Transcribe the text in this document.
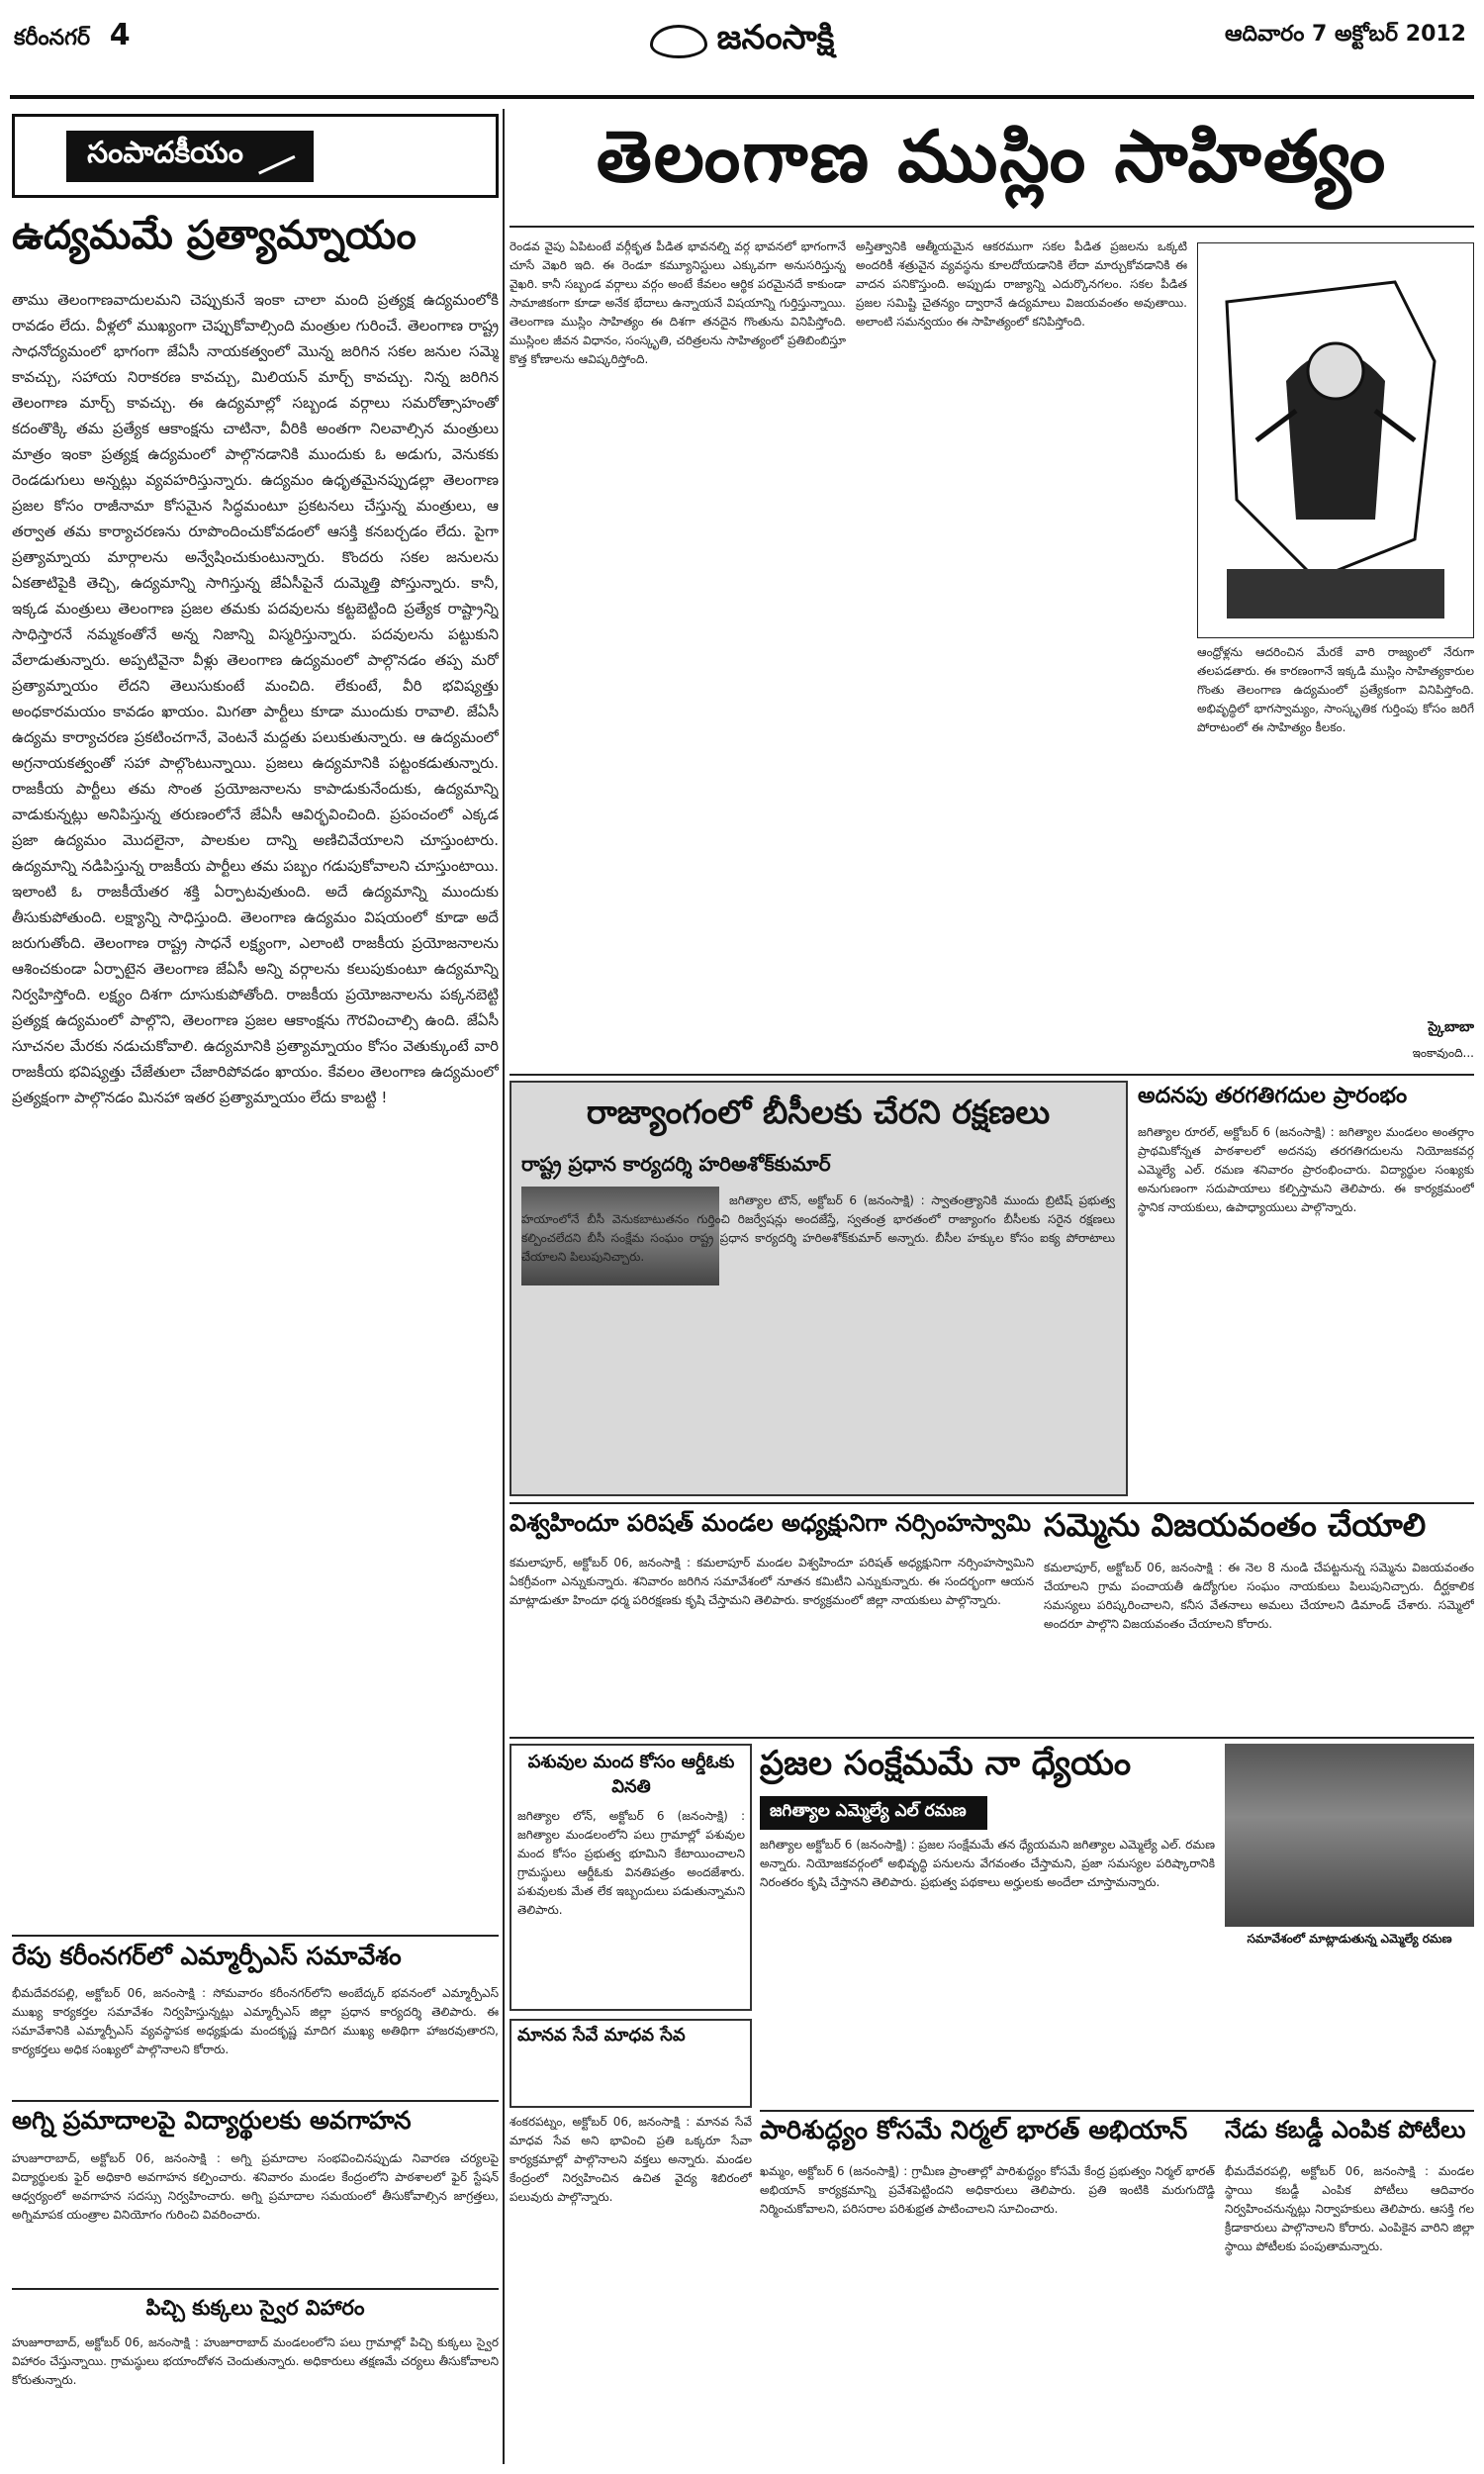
కరీంనగర్ 4	జనంసాక్షి	ఆదివారం 7 అక్టోబర్ 2012
సంపాదకీయం
ఉద్యమమే ప్రత్యామ్నాయం
తాము తెలంగాణవాదులమని చెప్పుకునే ఇంకా చాలా మంది ప్రత్యక్ష ఉద్యమంలోకి రావడం లేదు. వీళ్లలో ముఖ్యంగా చెప్పుకోవాల్సింది మంత్రుల గురించే. తెలంగాణ రాష్ట్ర సాధనోద్యమంలో భాగంగా జేఏసీ నాయకత్వంలో మొన్న జరిగిన సకల జనుల సమ్మె కావచ్చు, సహాయ నిరాకరణ కావచ్చు, మిలియన్ మార్చ్ కావచ్చు. నిన్న జరిగిన తెలంగాణ మార్చ్ కావచ్చు. ఈ ఉద్యమాల్లో సబ్బండ వర్గాలు సమరోత్సాహంతో కదంతొక్కి తమ ప్రత్యేక ఆకాంక్షను చాటినా, వీరికి అంతగా నిలవాల్సిన మంత్రులు మాత్రం ఇంకా ప్రత్యక్ష ఉద్యమంలో పాల్గొనడానికి ముందుకు ఓ అడుగు, వెనుకకు రెండడుగులు అన్నట్లు వ్యవహరిస్తున్నారు. ఉద్యమం ఉధృతమైనప్పుడల్లా తెలంగాణ ప్రజల కోసం రాజీనామా కోసమైన సిద్ధమంటూ ప్రకటనలు చేస్తున్న మంత్రులు, ఆ తర్వాత తమ కార్యాచరణను రూపొందించుకోవడంలో ఆసక్తి కనబర్చడం లేదు. పైగా ప్రత్యామ్నాయ మార్గాలను అన్వేషించుకుంటున్నారు. కొందరు సకల జనులను ఏకతాటిపైకి తెచ్చి, ఉద్యమాన్ని సాగిస్తున్న జేఏసీపైనే దుమ్మెత్తి పోస్తున్నారు. కానీ, ఇక్కడ మంత్రులు తెలంగాణ ప్రజల తమకు పదవులను కట్టబెట్టింది ప్రత్యేక రాష్ట్రాన్ని సాధిస్తారనే నమ్మకంతోనే అన్న నిజాన్ని విస్మరిస్తున్నారు. పదవులను పట్టుకుని వేలాడుతున్నారు. అప్పటివైనా వీళ్లు తెలంగాణ ఉద్యమంలో పాల్గొనడం తప్ప మరో ప్రత్యామ్నాయం లేదని తెలుసుకుంటే మంచిది. లేకుంటే, వీరి భవిష్యత్తు అంధకారమయం కావడం ఖాయం. మిగతా పార్టీలు కూడా ముందుకు రావాలి. జేఏసీ ఉద్యమ కార్యాచరణ ప్రకటించగానే, వెంటనే మద్దతు పలుకుతున్నారు. ఆ ఉద్యమంలో అగ్రనాయకత్వంతో సహా పాల్గొంటున్నాయి. ప్రజలు ఉద్యమానికి పట్టంకడుతున్నారు. రాజకీయ పార్టీలు తమ సొంత ప్రయోజనాలను కాపాడుకునేందుకు, ఉద్యమాన్ని వాడుకున్నట్లు అనిపిస్తున్న తరుణంలోనే జేఏసీ ఆవిర్భవించింది. ప్రపంచంలో ఎక్కడ ప్రజా ఉద్యమం మొదలైనా, పాలకుల దాన్ని అణిచివేయాలని చూస్తుంటారు. ఉద్యమాన్ని నడిపిస్తున్న రాజకీయ పార్టీలు తమ పబ్బం గడుపుకోవాలని చూస్తుంటాయి. ఇలాంటి ఓ రాజకీయేతర శక్తి ఏర్పాటవుతుంది. అదే ఉద్యమాన్ని ముందుకు తీసుకుపోతుంది. లక్ష్యాన్ని సాధిస్తుంది. తెలంగాణ ఉద్యమం విషయంలో కూడా అదే జరుగుతోంది. తెలంగాణ రాష్ట్ర సాధనే లక్ష్యంగా, ఎలాంటి రాజకీయ ప్రయోజనాలను ఆశించకుండా ఏర్పాటైన తెలంగాణ జేఏసీ అన్ని వర్గాలను కలుపుకుంటూ ఉద్యమాన్ని నిర్వహిస్తోంది. లక్ష్యం దిశగా దూసుకుపోతోంది. రాజకీయ ప్రయోజనాలను పక్కనబెట్టి ప్రత్యక్ష ఉద్యమంలో పాల్గొని, తెలంగాణ ప్రజల ఆకాంక్షను గౌరవించాల్సి ఉంది. జేఏసీ సూచనల మేరకు నడుచుకోవాలి. ఉద్యమానికి ప్రత్యామ్నాయం కోసం వెతుక్కుంటే వారి రాజకీయ భవిష్యత్తు చేజేతులా చేజారిపోవడం ఖాయం. కేవలం తెలంగాణ ఉద్యమంలో ప్రత్యక్షంగా పాల్గొనడం మినహా ఇతర ప్రత్యామ్నాయం లేదు కాబట్టి !
రేపు కరీంనగర్‌లో ఎమ్మార్పీఎస్ సమావేశం
భీమదేవరపల్లి, అక్టోబర్ 06, జనంసాక్షి : సోమవారం కరీంనగర్‌లోని అంబేద్కర్ భవనంలో ఎమ్మార్పీఎస్ ముఖ్య కార్యకర్తల సమావేశం నిర్వహిస్తున్నట్లు ఎమ్మార్పీఎస్ జిల్లా ప్రధాన కార్యదర్శి తెలిపారు. ఈ సమావేశానికి ఎమ్మార్పీఎస్ వ్యవస్థాపక అధ్యక్షుడు మందకృష్ణ మాదిగ ముఖ్య అతిథిగా హాజరవుతారని, కార్యకర్తలు అధిక సంఖ్యలో పాల్గొనాలని కోరారు.
అగ్ని ప్రమాదాలపై విద్యార్థులకు అవగాహన
హుజూరాబాద్, అక్టోబర్ 06, జనంసాక్షి : అగ్ని ప్రమాదాల సంభవించినప్పుడు నివారణ చర్యలపై విద్యార్థులకు ఫైర్ అధికారి అవగాహన కల్పించారు. శనివారం మండల కేంద్రంలోని పాఠశాలలో ఫైర్ స్టేషన్ ఆధ్వర్యంలో అవగాహన సదస్సు నిర్వహించారు. అగ్ని ప్రమాదాల సమయంలో తీసుకోవాల్సిన జాగ్రత్తలు, అగ్నిమాపక యంత్రాల వినియోగం గురించి వివరించారు.
పిచ్చి కుక్కలు స్వైర విహారం
హుజూరాబాద్, అక్టోబర్ 06, జనంసాక్షి : హుజూరాబాద్ మండలంలోని పలు గ్రామాల్లో పిచ్చి కుక్కలు స్వైర విహారం చేస్తున్నాయి. గ్రామస్థులు భయాందోళన చెందుతున్నారు. అధికారులు తక్షణమే చర్యలు తీసుకోవాలని కోరుతున్నారు.
తెలంగాణ ముస్లిం సాహిత్యం
రెండవ వైపు ఏపిటంటే వర్గీకృత పీడిత భావనల్ని వర్గ భావనలో భాగంగానే చూసే వెఖరి ఇది. ఈ రెండూ కమ్యూనిస్టులు ఎక్కువగా అనుసరిస్తున్న వైఖరి. కానీ సబ్బండ వర్గాలు వర్గం అంటే కేవలం ఆర్థిక పరమైనదే కాకుండా సామాజికంగా కూడా అనేక భేదాలు ఉన్నాయనే విషయాన్ని గుర్తిస్తున్నాయి. తెలంగాణ ముస్లిం సాహిత్యం ఈ దిశగా తనదైన గొంతును వినిపిస్తోంది. ముస్లింల జీవన విధానం, సంస్కృతి, చరిత్రలను సాహిత్యంలో ప్రతిబింబిస్తూ కొత్త కోణాలను ఆవిష్కరిస్తోంది.
అస్తిత్వానికి ఆత్మీయమైన ఆకరముగా సకల పీడిత ప్రజలను ఒక్కటి అందరికీ శత్రువైన వ్యవస్థను కూలదోయడానికి లేదా మార్చుకోవడానికి ఈ వాదన పనికొస్తుంది. అప్పుడు రాజ్యాన్ని ఎదుర్కొనగలం. సకల పీడిత ప్రజల సమిష్టి చైతన్యం ద్వారానే ఉద్యమాలు విజయవంతం అవుతాయి. అలాంటి సమన్వయం ఈ సాహిత్యంలో కనిపిస్తోంది.
ఆంధ్రోళ్లను ఆదరించిన మేరకే వారి రాజ్యంలో నేరుగా తలపడతారు. ఈ కారణంగానే ఇక్కడి ముస్లిం సాహిత్యకారుల గొంతు తెలంగాణ ఉద్యమంలో ప్రత్యేకంగా వినిపిస్తోంది. అభివృద్ధిలో భాగస్వామ్యం, సాంస్కృతిక గుర్తింపు కోసం జరిగే పోరాటంలో ఈ సాహిత్యం కీలకం.
స్కైబాబా
ఇంకావుంది...
రాజ్యాంగంలో బీసీలకు చేరని రక్షణలు
రాష్ట్ర ప్రధాన కార్యదర్శి హరిఅశోక్‌కుమార్
జగిత్యాల టౌన్, అక్టోబర్ 6 (జనంసాక్షి) : స్వాతంత్ర్యానికి ముందు బ్రిటిష్ ప్రభుత్వ హయాంలోనే బీసీ వెనుకబాటుతనం గుర్తించి రిజర్వేషన్లు అందజేస్తే, స్వతంత్ర భారతంలో రాజ్యాంగం బీసీలకు సరైన రక్షణలు కల్పించలేదని బీసీ సంక్షేమ సంఘం రాష్ట్ర ప్రధాన కార్యదర్శి హరిఅశోక్‌కుమార్ అన్నారు. బీసీల హక్కుల కోసం ఐక్య పోరాటాలు చేయాలని పిలుపునిచ్చారు.
అదనపు తరగతిగదుల ప్రారంభం
జగిత్యాల రూరల్, అక్టోబర్ 6 (జనంసాక్షి) : జగిత్యాల మండలం అంతర్గాం ప్రాథమికోన్నత పాఠశాలలో అదనపు తరగతిగదులను నియోజకవర్గ ఎమ్మెల్యే ఎల్. రమణ శనివారం ప్రారంభించారు. విద్యార్థుల సంఖ్యకు అనుగుణంగా సదుపాయాలు కల్పిస్తామని తెలిపారు. ఈ కార్యక్రమంలో స్థానిక నాయకులు, ఉపాధ్యాయులు పాల్గొన్నారు.
విశ్వహిందూ పరిషత్ మండల అధ్యక్షునిగా నర్సింహస్వామి
కమలాపూర్, అక్టోబర్ 06, జనంసాక్షి : కమలాపూర్ మండల విశ్వహిందూ పరిషత్ అధ్యక్షునిగా నర్సింహస్వామిని ఏకగ్రీవంగా ఎన్నుకున్నారు. శనివారం జరిగిన సమావేశంలో నూతన కమిటీని ఎన్నుకున్నారు. ఈ సందర్భంగా ఆయన మాట్లాడుతూ హిందూ ధర్మ పరిరక్షణకు కృషి చేస్తామని తెలిపారు. కార్యక్రమంలో జిల్లా నాయకులు పాల్గొన్నారు.
సమ్మెను విజయవంతం చేయాలి
కమలాపూర్, అక్టోబర్ 06, జనంసాక్షి : ఈ నెల 8 నుండి చేపట్టనున్న సమ్మెను విజయవంతం చేయాలని గ్రామ పంచాయతీ ఉద్యోగుల సంఘం నాయకులు పిలుపునిచ్చారు. దీర్ఘకాలిక సమస్యలు పరిష్కరించాలని, కనీస వేతనాలు అమలు చేయాలని డిమాండ్ చేశారు. సమ్మెలో అందరూ పాల్గొని విజయవంతం చేయాలని కోరారు.
పశువుల మంద కోసం ఆర్డీఓకు వినతి
జగిత్యాల లోన్, అక్టోబర్ 6 (జనంసాక్షి) : జగిత్యాల మండలంలోని పలు గ్రామాల్లో పశువుల మంద కోసం ప్రభుత్వ భూమిని కేటాయించాలని గ్రామస్థులు ఆర్డీఓకు వినతిపత్రం అందజేశారు. పశువులకు మేత లేక ఇబ్బందులు పడుతున్నామని తెలిపారు.
ప్రజల సంక్షేమమే నా ధ్యేయం
జగిత్యాల ఎమ్మెల్యే ఎల్ రమణ
జగిత్యాల అక్టోబర్ 6 (జనంసాక్షి) : ప్రజల సంక్షేమమే తన ధ్యేయమని జగిత్యాల ఎమ్మెల్యే ఎల్. రమణ అన్నారు. నియోజకవర్గంలో అభివృద్ధి పనులను వేగవంతం చేస్తామని, ప్రజా సమస్యల పరిష్కారానికి నిరంతరం కృషి చేస్తానని తెలిపారు. ప్రభుత్వ పథకాలు అర్హులకు అందేలా చూస్తామన్నారు.
సమావేశంలో మాట్లాడుతున్న ఎమ్మెల్యే రమణ
మానవ సేవే మాధవ సేవ
శంకరపట్నం, అక్టోబర్ 06, జనంసాక్షి : మానవ సేవే మాధవ సేవ అని భావించి ప్రతి ఒక్కరూ సేవా కార్యక్రమాల్లో పాల్గొనాలని వక్తలు అన్నారు. మండల కేంద్రంలో నిర్వహించిన ఉచిత వైద్య శిబిరంలో పలువురు పాల్గొన్నారు.
పారిశుద్ధ్యం కోసమే నిర్మల్ భారత్ అభియాన్
ఖమ్మం, అక్టోబర్ 6 (జనంసాక్షి) : గ్రామీణ ప్రాంతాల్లో పారిశుద్ధ్యం కోసమే కేంద్ర ప్రభుత్వం నిర్మల్ భారత్ అభియాన్ కార్యక్రమాన్ని ప్రవేశపెట్టిందని అధికారులు తెలిపారు. ప్రతి ఇంటికి మరుగుదొడ్డి నిర్మించుకోవాలని, పరిసరాల పరిశుభ్రత పాటించాలని సూచించారు.
నేడు కబడ్డీ ఎంపిక పోటీలు
భీమదేవరపల్లి, అక్టోబర్ 06, జనంసాక్షి : మండల స్థాయి కబడ్డీ ఎంపిక పోటీలు ఆదివారం నిర్వహించనున్నట్లు నిర్వాహకులు తెలిపారు. ఆసక్తి గల క్రీడాకారులు పాల్గొనాలని కోరారు. ఎంపికైన వారిని జిల్లా స్థాయి పోటీలకు పంపుతామన్నారు.
